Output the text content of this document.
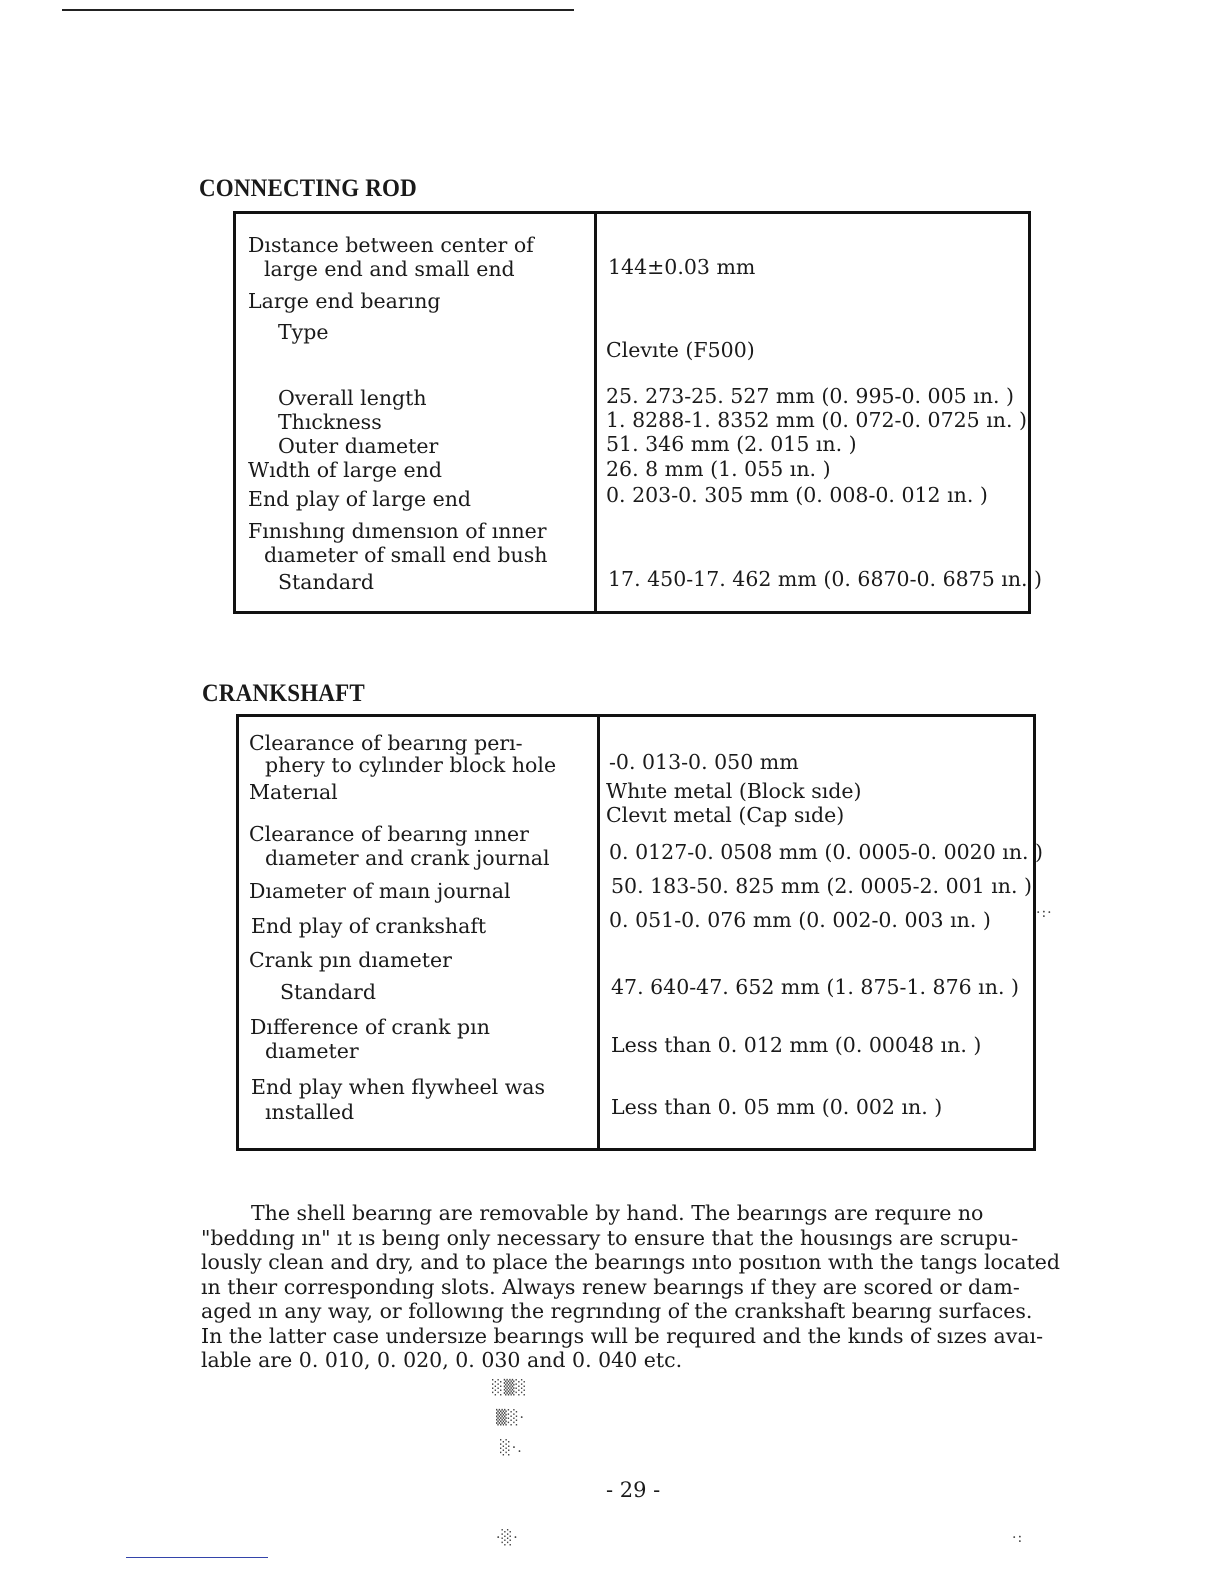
CONNECTING ROD
Dıstance between center of
large end and small end
Large end bearıng
Type
Overall length
Thıckness
Outer dıameter
Wıdth of large end
End play of large end
Fınıshıng dımensıon of ınner
dıameter of small end bush
Standard
144±0.03 mm
Clevıte (F500)
25. 273-25. 527 mm (0. 995-0. 005 ın. )
1. 8288-1. 8352 mm (0. 072-0. 0725 ın. )
51. 346 mm (2. 015 ın. )
26. 8 mm (1. 055 ın. )
0. 203-0. 305 mm (0. 008-0. 012 ın. )
17. 450-17. 462 mm (0. 6870-0. 6875 ın. )
CRANKSHAFT
Clearance of bearıng perı-
phery to cylınder block hole
Materıal
Clearance of bearıng ınner
dıameter and crank journal
Dıameter of maın journal
End play of crankshaft
Crank pın dıameter
Standard
Dıfference of crank pın
dıameter
End play when flywheel was
ınstalled
-0. 013-0. 050 mm
Whıte metal (Block sıde)
Clevıt metal (Cap sıde)
0. 0127-0. 0508 mm (0. 0005-0. 0020 ın. )
50. 183-50. 825 mm (2. 0005-2. 001 ın. )
0. 051-0. 076 mm (0. 002-0. 003 ın. )
47. 640-47. 652 mm (1. 875-1. 876 ın. )
Less than 0. 012 mm (0. 00048 ın. )
Less than 0. 05 mm (0. 002 ın. )
The shell bearıng are removable by hand. The bearıngs are requıre no
"beddıng ın" ıt ıs beıng only necessary to ensure that the housıngs are scrupu-
lously clean and dry, and to place the bearıngs ınto posıtıon wıth the tangs located
ın theır correspondıng slots. Always renew bearıngs ıf they are scored or dam-
aged ın any way, or followıng the regrındıng of the crankshaft bearıng surfaces.
In the latter case undersıze bearıngs wıll be requıred and the kınds of sızes avaı-
lable are 0. 010, 0. 020, 0. 030 and 0. 040 etc.
░▒░
▒░·
░·.
·░·
·:·
·:
- 29 -
